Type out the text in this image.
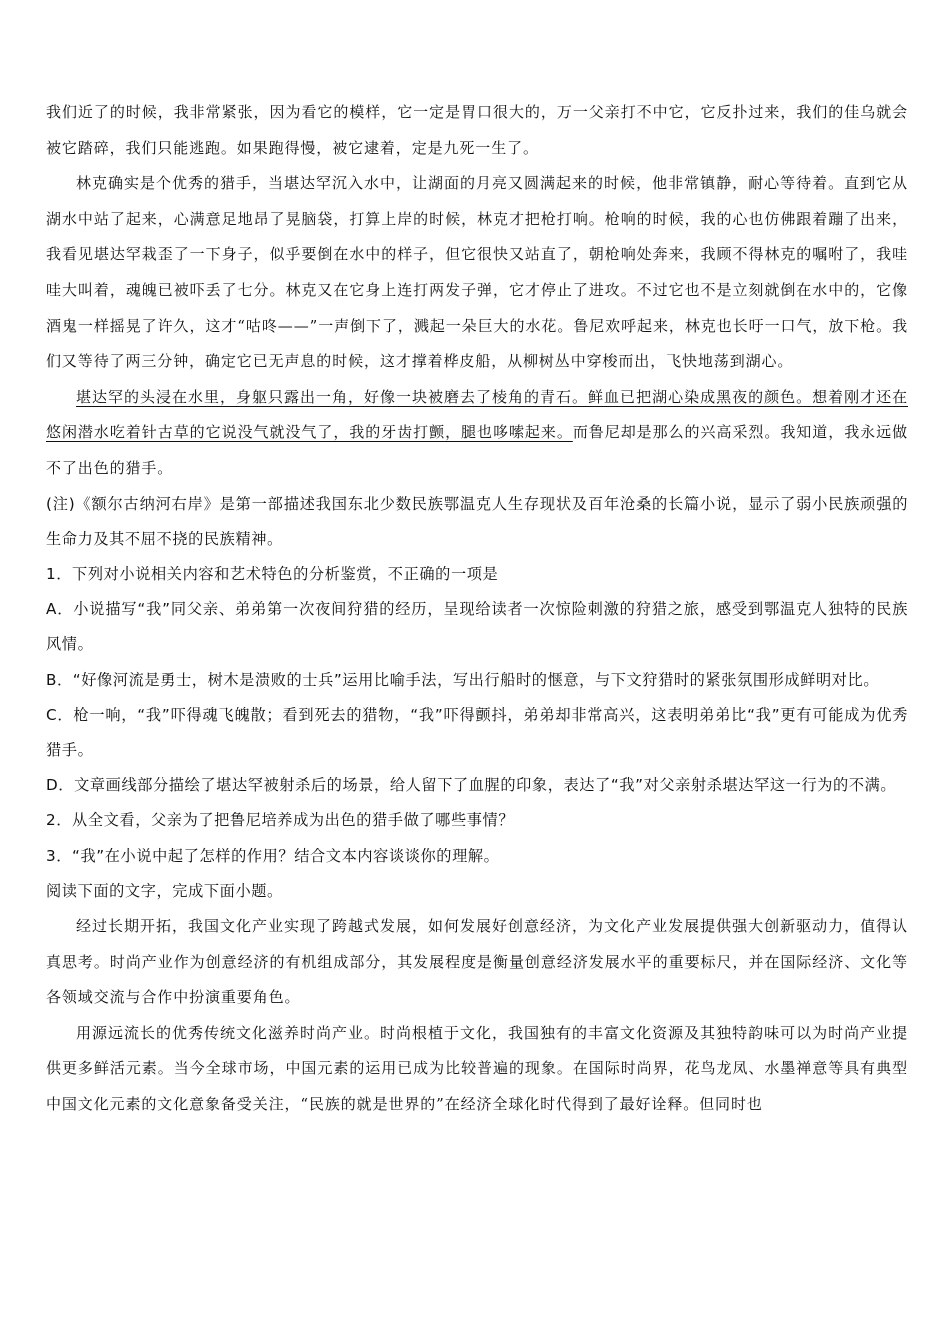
我们近了的时候，我非常紧张，因为看它的模样，它一定是胃口很大的，万一父亲打不中它，它反扑过来，我们的佳乌就会被它踏碎，我们只能逃跑。如果跑得慢，被它逮着，定是九死一生了。

林克确实是个优秀的猎手，当堪达罕沉入水中，让湖面的月亮又圆满起来的时候，他非常镇静，耐心等待着。直到它从湖水中站了起来，心满意足地昂了晃脑袋，打算上岸的时候，林克才把枪打响。枪响的时候，我的心也仿佛跟着蹦了出来，我看见堪达罕栽歪了一下身子，似乎要倒在水中的样子，但它很快又站直了，朝枪响处奔来，我顾不得林克的嘱咐了，我哇哇大叫着，魂魄已被吓丢了七分。林克又在它身上连打两发子弹，它才停止了进攻。不过它也不是立刻就倒在水中的，它像酒鬼一样摇晃了许久，这才“咕咚——”一声倒下了，溅起一朵巨大的水花。鲁尼欢呼起来，林克也长吁一口气，放下枪。我们又等待了两三分钟，确定它已无声息的时候，这才撑着桦皮船，从柳树丛中穿梭而出，飞快地荡到湖心。

堪达罕的头浸在水里，身躯只露出一角，好像一块被磨去了棱角的青石。鲜血已把湖心染成黑夜的颜色。想着刚才还在悠闲潜水吃着针古草的它说没气就没气了，我的牙齿打颤，腿也哆嗦起来。而鲁尼却是那么的兴高采烈。我知道，我永远做不了出色的猎手。

(注)《额尔古纳河右岸》是第一部描述我国东北少数民族鄂温克人生存现状及百年沧桑的长篇小说，显示了弱小民族顽强的生命力及其不屈不挠的民族精神。

1．下列对小说相关内容和艺术特色的分析鉴赏，不正确的一项是

A．小说描写“我”同父亲、弟弟第一次夜间狩猎的经历，呈现给读者一次惊险刺激的狩猎之旅，感受到鄂温克人独特的民族风情。

B．“好像河流是勇士，树木是溃败的士兵”运用比喻手法，写出行船时的惬意，与下文狩猎时的紧张氛围形成鲜明对比。

C．枪一响，“我”吓得魂飞魄散；看到死去的猎物，“我”吓得颤抖，弟弟却非常高兴，这表明弟弟比“我”更有可能成为优秀猎手。

D．文章画线部分描绘了堪达罕被射杀后的场景，给人留下了血腥的印象，表达了“我”对父亲射杀堪达罕这一行为的不满。

2．从全文看，父亲为了把鲁尼培养成为出色的猎手做了哪些事情？

3．“我”在小说中起了怎样的作用？结合文本内容谈谈你的理解。

阅读下面的文字，完成下面小题。

经过长期开拓，我国文化产业实现了跨越式发展，如何发展好创意经济，为文化产业发展提供强大创新驱动力，值得认真思考。时尚产业作为创意经济的有机组成部分，其发展程度是衡量创意经济发展水平的重要标尺，并在国际经济、文化等各领域交流与合作中扮演重要角色。

用源远流长的优秀传统文化滋养时尚产业。时尚根植于文化，我国独有的丰富文化资源及其独特韵味可以为时尚产业提供更多鲜活元素。当今全球市场，中国元素的运用已成为比较普遍的现象。在国际时尚界，花鸟龙凤、水墨禅意等具有典型中国文化元素的文化意象备受关注，“民族的就是世界的”在经济全球化时代得到了最好诠释。但同时也
